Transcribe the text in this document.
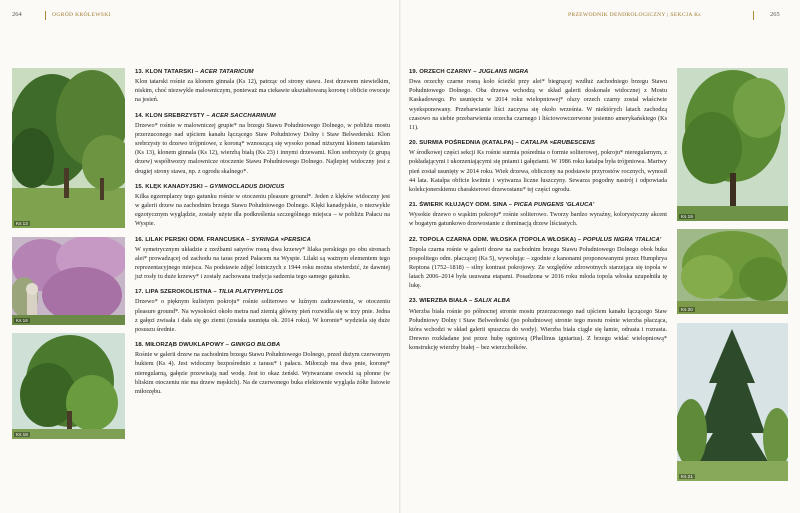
264	OGRÓD KRÓLEWSKI	PRZEWODNIK DENDROLOGICZNY | SEKCJA Ks	265
Ks 13
Ks 16
Ks 18
Ks 19
Ks 20
Ks 21
13. KLON TATARSKI – ACER TATARICUM

Klon tatarski rośnie za klonem ginnala (Ks 12), patrząc od strony stawu. Jest drzewem niewielkim, niskim, choć niezwykle malowniczym, ponieważ ma ciekawie ukształtowaną koronę i obficie owocuje na jesień.

14. KLON SREBRZYSTY – ACER SACCHARINUM

Drzewo* rośnie w malowniczej grupie* na brzegu Stawu Południowego Dolnego, w pobliżu mostu przerzuconego nad ujściem kanału łączącego Staw Południowy Dolny i Staw Belwederski. Klon srebrzysty to drzewo trójpniowe, z koroną* wznoszącą się wysoko ponad niższymi klonem tatarskim (Ks 13), klonem ginnala (Ks 12), wierzbą białą (Ks 23) i innymi drzewami. Klon srebrzysty (z grupą drzew) współtworzy malownicze otoczenie Stawu Południowego Dolnego. Najlepiej widoczny jest z drugiej strony stawu, np. z ogrodu skalnego*.

15. KLĘK KANADYJSKI – GYMNOCLADUS DIOICUS

Kilka egzemplarzy tego gatunku rośnie w otoczeniu pleasure ground*. Jeden z klęków widoczny jest w galerii drzew na zachodnim brzegu Stawu Południowego Dolnego. Klęki kanadyjskie, o niezwykle egzotycznym wyglądzie, zostały użyte dla podkreślenia szczególnego miejsca – w pobliżu Pałacu na Wyspie.

16. LILAK PERSKI ODM. FRANCUSKA – SYRINGA ×PERSICA

W symetrycznym układzie z rzeźbami satyrów rosną dwa krzewy* lilaka perskiego po obu stronach alei* prowadzącej od zachodu na taras przed Pałacem na Wyspie. Lilaki są ważnym elementem tego reprezentacyjnego miejsca. Na podstawie zdjęć lotniczych z 1944 roku można stwierdzić, że dawniej już rosły tu duże krzewy* i zostały zachowana tradycja sadzenia tego samego gatunku.

17. LIPA SZEROKOLISTNA – TILIA PLATYPHYLLOS

Drzewo* o pięknym kulistym pokroju* rośnie soliterowo w luźnym zadrzewieniu, w otoczeniu pleasure ground*. Na wysokości około metra nad ziemią główny pień rozwidla się w trzy pnie. Jedna z gałęzi zwisała i dała się go ziemi (została usunięta ok. 2014 roku). W koronie* wydziela się duże posuszu średnie.

18. MIŁORZĄB DWUKLAPOWY – GINKGO BILOBA

Rośnie w galerii drzew na zachodnim brzegu Stawu Południowego Dolnego, przed dużym czerwonym bukiem (Ks 4). Jest widoczny bezpośrednio z tarasu* i pałacu. Miłorząb ma dwa pnie, koronę* nieregularną, gałęzie przewisają nad wodę. Jest to okaz żeński. Wytwarzane owocki są płonne (w bliskim otoczeniu nie ma drzew męskich). Na de czerwonego buka efektownie wygląda żółte listowie miłorzębu.

19. ORZECH CZARNY – JUGLANS NIGRA

Dwa orzechy czarne rosną koło ścieżki przy alei* biegnącej wzdłuż zachodniego brzegu Stawu Południowego Dolnego. Oba drzewa wchodzą w skład galerii doskonale widocznej z Mostu Kaskadowego. Po usunięciu w 2014 roku wielopniowej* olszy orzech czarny został właściwie wyeksponowany. Przebarwianie liści zaczyna się około września. W niektórych latach zachodzą czasowo na siebie przebarwienia orzecha czarnego i liściowowczerwone jesienno amerykańskiego (Ks 11).

20. SURMIA POŚREDNIA (KATALPA) – CATALPA ×ERUBESCENS

W środkowej części sekcji Ks rośnie surmia pośrednia o formie soliterowej, pokroju* nieregularnym, z pokładającymi i ukorzeniającymi się pniami i gałęziami. W 1986 roku katalpa była trójpniowa. Martwy pień został usunięty w 2014 roku. Wiek drzewa, obliczony na podstawie przyrostów rocznych, wynosił 44 lata. Katalpa obficie kwitnie i wytwarza liczne łuszczyny. Sewarza pogodny nastrój i odpowiada kolekcjonerskiemu charakterowi drzewostanu* tej części ogrodu.

21. ŚWIERK KŁUJĄCY ODM. SINA – PICEA PUNGENS 'GLAUCA'

Wysokie drzewo o wąskim pokroju* rośnie soliterowo. Tworzy bardzo wyraźny, kolorystyczny akcent w bogatym gatunkowo drzewostanie z dominacją drzew liściastych.

22. TOPOLA CZARNA ODM. WŁOSKA (TOPOLA WŁOSKA) – POPULUS NIGRA 'ITALICA'

Topola czarna rośnie w galerii drzew na zachodnim brzegu Stawu Południowego Dolnego obok buka pospolitego odm. płaczącej (Ks 5), wywołując – zgodnie z kanonami proponowanymi przez Humphrya Reptona (1752–1818) – silny kontrast pokrojowy. Ze względów zdrowotnych starzejąca się topola w latach 2006–2014 była usuwana etapami. Posadzona w 2016 roku młoda topola włoska uzupełniła tę lukę.

23. WIERZBA BIAŁA – SALIX ALBA

Wierzba biała rośnie po północnej stronie mostu przerzuconego nad ujściem kanału łączącego Staw Południowy Dolny i Staw Belwederski (po południowej stronie tego mostu rośnie wierzba płacząca, która wchodzi w skład galerii spuszcza do wody). Wierzba biała ciągle się łamie, odrasta i rozrasta. Drewno rozkładane jest przez hubę ogniową (Phellinus igniarius). Z brzegu widać wielopniową* konstrukcję wierzby białej – bez wierzchołków.
